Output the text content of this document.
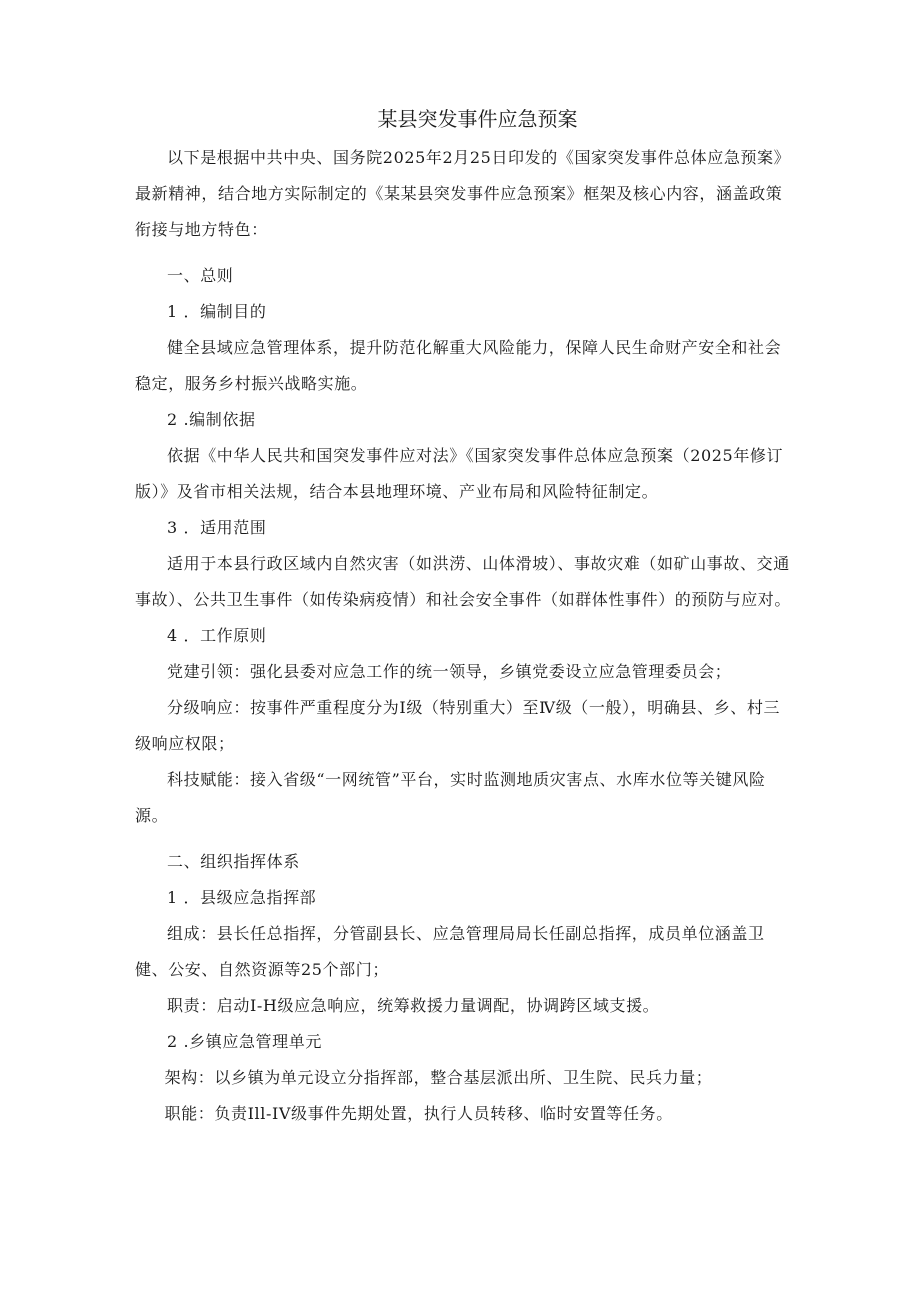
某县突发事件应急预案

以下是根据中共中央、国务院2025年2月25日印发的《国家突发事件总体应急预案》最新精神，结合地方实际制定的《某某县突发事件应急预案》框架及核心内容，涵盖政策衔接与地方特色：

一、总则

1 ．编制目的

健全县域应急管理体系，提升防范化解重大风险能力，保障人民生命财产安全和社会稳定，服务乡村振兴战略实施。

2 .编制依据

依据《中华人民共和国突发事件应对法》《国家突发事件总体应急预案（2025年修订版）》及省市相关法规，结合本县地理环境、产业布局和风险特征制定。

3 ．适用范围

适用于本县行政区域内自然灾害（如洪涝、山体滑坡）、事故灾难（如矿山事故、交通事故）、公共卫生事件（如传染病疫情）和社会安全事件（如群体性事件）的预防与应对。

4 ．工作原则

党建引领：强化县委对应急工作的统一领导，乡镇党委设立应急管理委员会；

分级响应：按事件严重程度分为I级（特别重大）至Ⅳ级（一般），明确县、乡、村三级响应权限；

科技赋能：接入省级“一网统管”平台，实时监测地质灾害点、水库水位等关键风险源。

二、组织指挥体系

1 ．县级应急指挥部

组成：县长任总指挥，分管副县长、应急管理局局长任副总指挥，成员单位涵盖卫健、公安、自然资源等25个部门；

职责：启动I-H级应急响应，统筹救援力量调配，协调跨区域支援。

2 .乡镇应急管理单元

架构：以乡镇为单元设立分指挥部，整合基层派出所、卫生院、民兵力量；

职能：负责Ill-IV级事件先期处置，执行人员转移、临时安置等任务。
